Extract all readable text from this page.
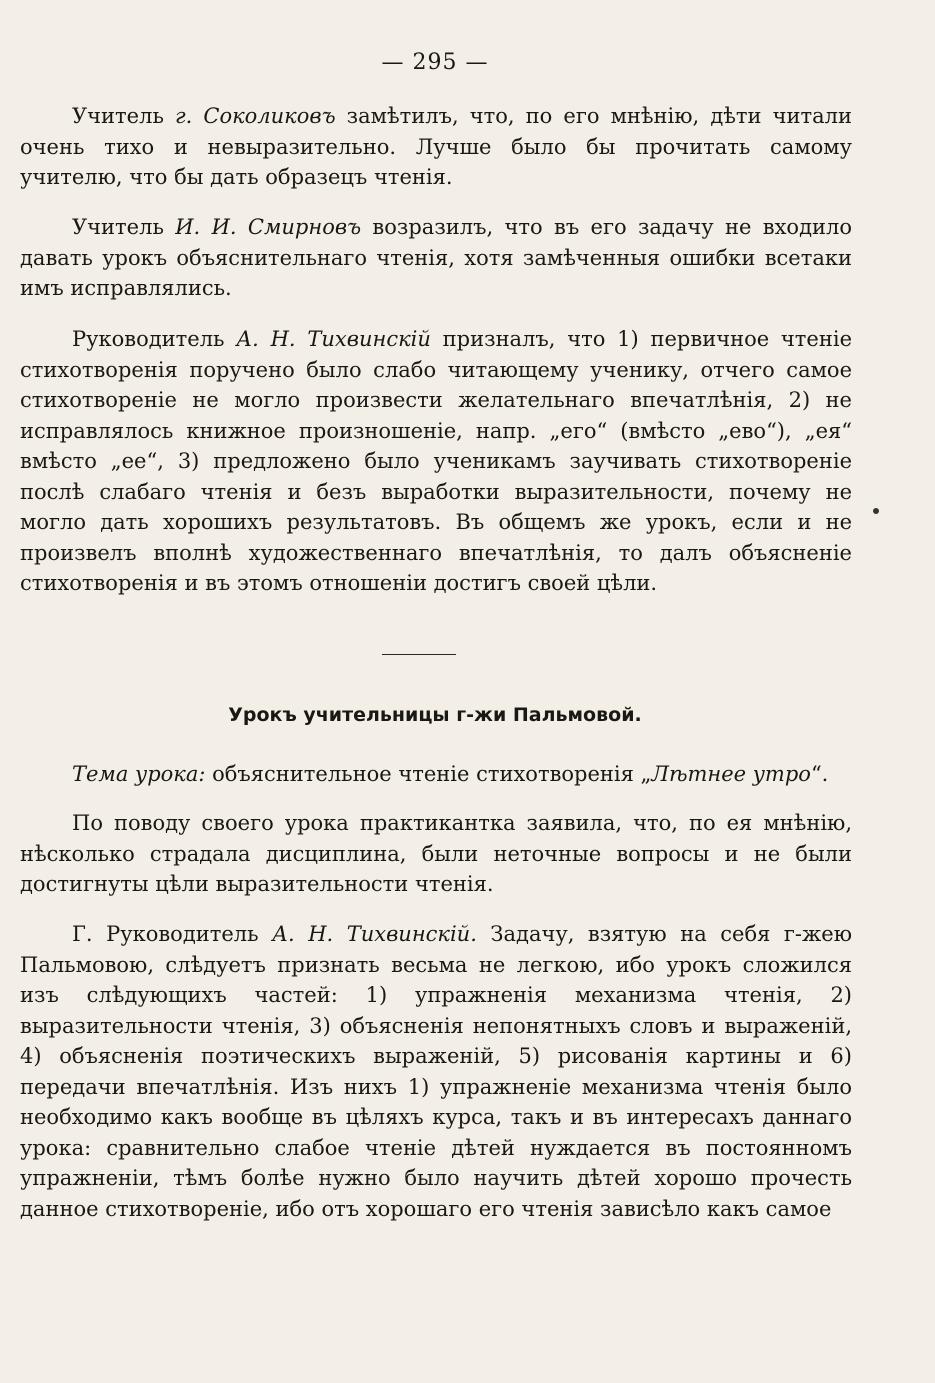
— 295 —

Учитель г. Соколиковъ замѣтилъ, что, по его мнѣнію, дѣти читали очень тихо и невыразительно. Лучше было бы прочитать самому учителю, что бы дать образецъ чтенія.

Учитель И. И. Смирновъ возразилъ, что въ его задачу не входило давать урокъ объяснительнаго чтенія, хотя замѣченныя ошибки всетаки имъ исправлялись.

Руководитель А. Н. Тихвинскій призналъ, что 1) первичное чтеніе стихотворенія поручено было слабо читающему ученику, отчего самое стихотвореніе не могло произвести желательнаго впечатлѣнія, 2) не исправлялось книжное произношеніе, напр. „его“ (вмѣсто „ево“), „ея“ вмѣсто „ее“, 3) предложено было ученикамъ заучивать стихотвореніе послѣ слабаго чтенія и безъ выработки выразительности, почему не могло дать хорошихъ результатовъ. Въ общемъ же урокъ, если и не произвелъ вполнѣ художественнаго впечатлѣнія, то далъ объясненіе стихотворенія и въ этомъ отношеніи достигъ своей цѣли.

Урокъ учительницы г-жи Пальмовой.

Тема урока: объяснительное чтеніе стихотворенія „Лѣтнее утро“.

По поводу своего урока практикантка заявила, что, по ея мнѣнію, нѣсколько страдала дисциплина, были неточные вопросы и не были достигнуты цѣли выразительности чтенія.

Г. Руководитель А. Н. Тихвинскій. Задачу, взятую на себя г-жею Пальмовою, слѣдуетъ признать весьма не легкою, ибо урокъ сложился изъ слѣдующихъ частей: 1) упражненія механизма чтенія, 2) выразительности чтенія, 3) объясненія непонятныхъ словъ и выраженій, 4) объясненія поэтическихъ выраженій, 5) рисованія картины и 6) передачи впечатлѣнія. Изъ нихъ 1) упражненіе механизма чтенія было необходимо какъ вообще въ цѣляхъ курса, такъ и въ интересахъ даннаго урока: сравнительно слабое чтеніе дѣтей нуждается въ постоянномъ упражненіи, тѣмъ болѣе нужно было научить дѣтей хорошо прочесть данное стихотвореніе, ибо отъ хорошаго его чтенія зависѣло какъ самое
